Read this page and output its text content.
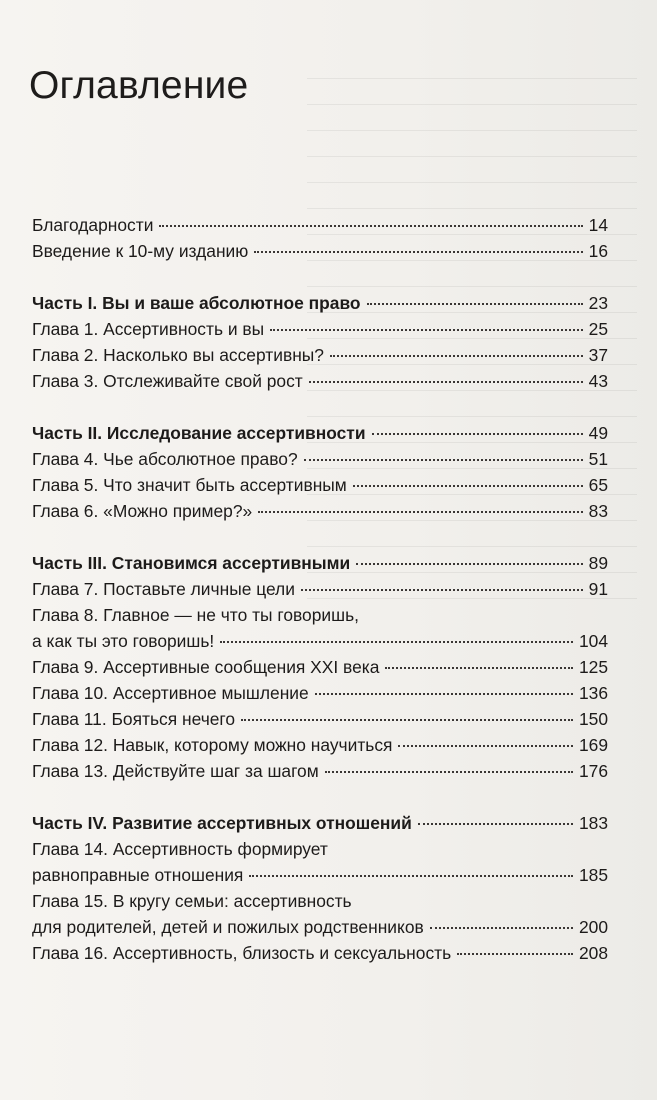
Оглавление
Благодарности	14
Введение к 10-му изданию	16
Часть I. Вы и ваше абсолютное право	23
Глава 1. Ассертивность и вы	25
Глава 2. Насколько вы ассертивны?	37
Глава 3. Отслеживайте свой рост	43
Часть II. Исследование ассертивности	49
Глава 4. Чье абсолютное право?	51
Глава 5. Что значит быть ассертивным	65
Глава 6. «Можно пример?»	83
Часть III. Становимся ассертивными	89
Глава 7. Поставьте личные цели	91
Глава 8. Главное — не что ты говоришь,
а как ты это говоришь!	104
Глава 9. Ассертивные сообщения XXI века	125
Глава 10. Ассертивное мышление	136
Глава 11. Бояться нечего	150
Глава 12. Навык, которому можно научиться	169
Глава 13. Действуйте шаг за шагом	176
Часть IV. Развитие ассертивных отношений	183
Глава 14. Ассертивность формирует
равноправные отношения	185
Глава 15. В кругу семьи: ассертивность
для родителей, детей и пожилых родственников	200
Глава 16. Ассертивность, близость и сексуальность	208
